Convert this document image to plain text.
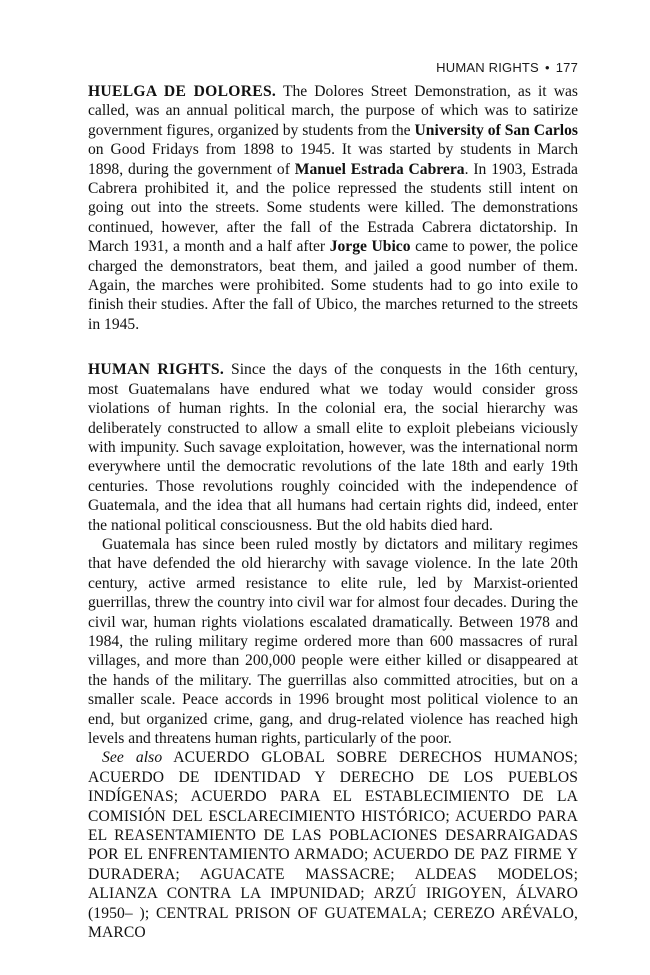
HUMAN RIGHTS • 177

HUELGA DE DOLORES. The Dolores Street Demonstration, as it was called, was an annual political march, the purpose of which was to satirize government figures, organized by students from the University of San Carlos on Good Fridays from 1898 to 1945. It was started by students in March 1898, during the government of Manuel Estrada Cabrera. In 1903, Estrada Cabrera prohibited it, and the police repressed the students still intent on going out into the streets. Some students were killed. The demonstrations continued, however, after the fall of the Estrada Cabrera dictatorship. In March 1931, a month and a half after Jorge Ubico came to power, the police charged the demonstrators, beat them, and jailed a good number of them. Again, the marches were prohibited. Some students had to go into exile to finish their studies. After the fall of Ubico, the marches returned to the streets in 1945.

HUMAN RIGHTS. Since the days of the conquests in the 16th century, most Guatemalans have endured what we today would consider gross violations of human rights. In the colonial era, the social hierarchy was deliberately constructed to allow a small elite to exploit plebeians viciously with impunity. Such savage exploitation, however, was the international norm everywhere until the democratic revolutions of the late 18th and early 19th centuries. Those revolutions roughly coincided with the independence of Guatemala, and the idea that all humans had certain rights did, indeed, enter the national political consciousness. But the old habits died hard.

Guatemala has since been ruled mostly by dictators and military regimes that have defended the old hierarchy with savage violence. In the late 20th century, active armed resistance to elite rule, led by Marxist-oriented guerrillas, threw the country into civil war for almost four decades. During the civil war, human rights violations escalated dramatically. Between 1978 and 1984, the ruling military regime ordered more than 600 massacres of rural villages, and more than 200,000 people were either killed or disappeared at the hands of the military. The guerrillas also committed atrocities, but on a smaller scale. Peace accords in 1996 brought most political violence to an end, but organized crime, gang, and drug-related violence has reached high levels and threatens human rights, particularly of the poor.

See also ACUERDO GLOBAL SOBRE DERECHOS HUMANOS; ACUERDO DE IDENTIDAD Y DERECHO DE LOS PUEBLOS INDÍGENAS; ACUERDO PARA EL ESTABLECIMIENTO DE LA COMISIÓN DEL ESCLARECIMIENTO HISTÓRICO; ACUERDO PARA EL REASENTAMIENTO DE LAS POBLACIONES DESARRAIGADAS POR EL ENFRENTAMIENTO ARMADO; ACUERDO DE PAZ FIRME Y DURADERA; AGUACATE MASSACRE; ALDEAS MODELOS; ALIANZA CONTRA LA IMPUNIDAD; ARZÚ IRIGOYEN, ÁLVARO (1950– ); CENTRAL PRISON OF GUATEMALA; CEREZO ARÉVALO, MARCO
